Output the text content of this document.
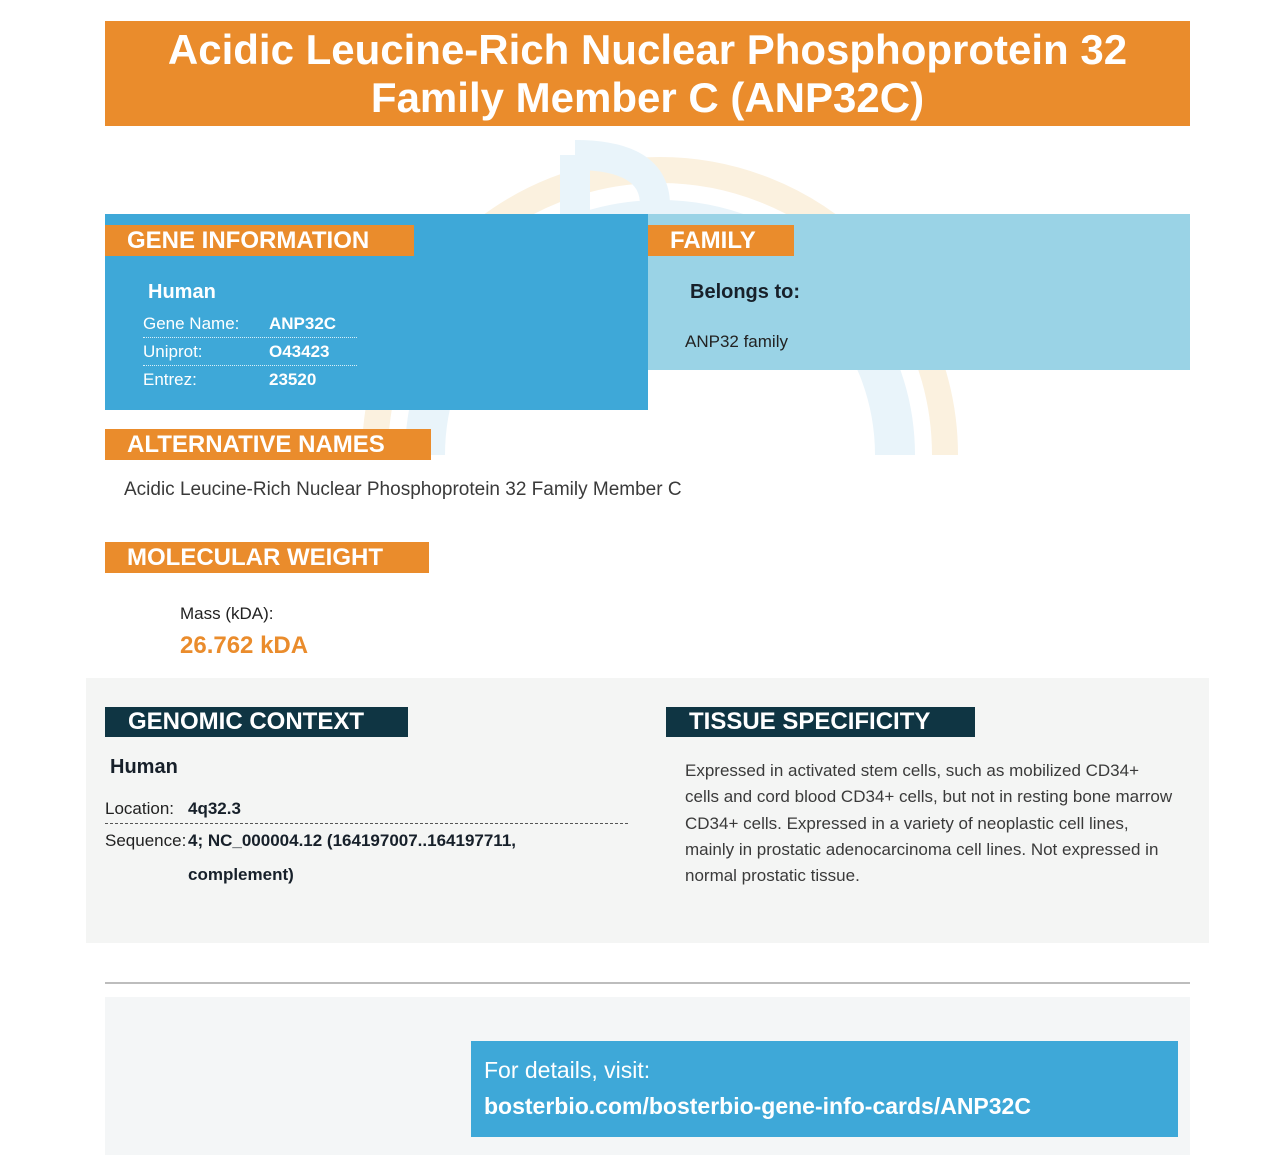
Acidic Leucine-Rich Nuclear Phosphoprotein 32 Family Member C (ANP32C)
GENE INFORMATION
Human
Gene Name:	ANP32C
Uniprot:	O43423
Entrez:	23520
FAMILY
Belongs to:
ANP32 family
ALTERNATIVE NAMES
Acidic Leucine-Rich Nuclear Phosphoprotein 32 Family Member C
MOLECULAR WEIGHT
Mass (kDA):
26.762 kDA
GENOMIC CONTEXT
Human
Location: 4q32.3
Sequence: 4; NC_000004.12 (164197007..164197711,
complement)
TISSUE SPECIFICITY
Expressed in activated stem cells, such as mobilized CD34+ cells and cord blood CD34+ cells, but not in resting bone marrow CD34+ cells. Expressed in a variety of neoplastic cell lines, mainly in prostatic adenocarcinoma cell lines. Not expressed in normal prostatic tissue.
For details, visit:
bosterbio.com/bosterbio-gene-info-cards/ANP32C
